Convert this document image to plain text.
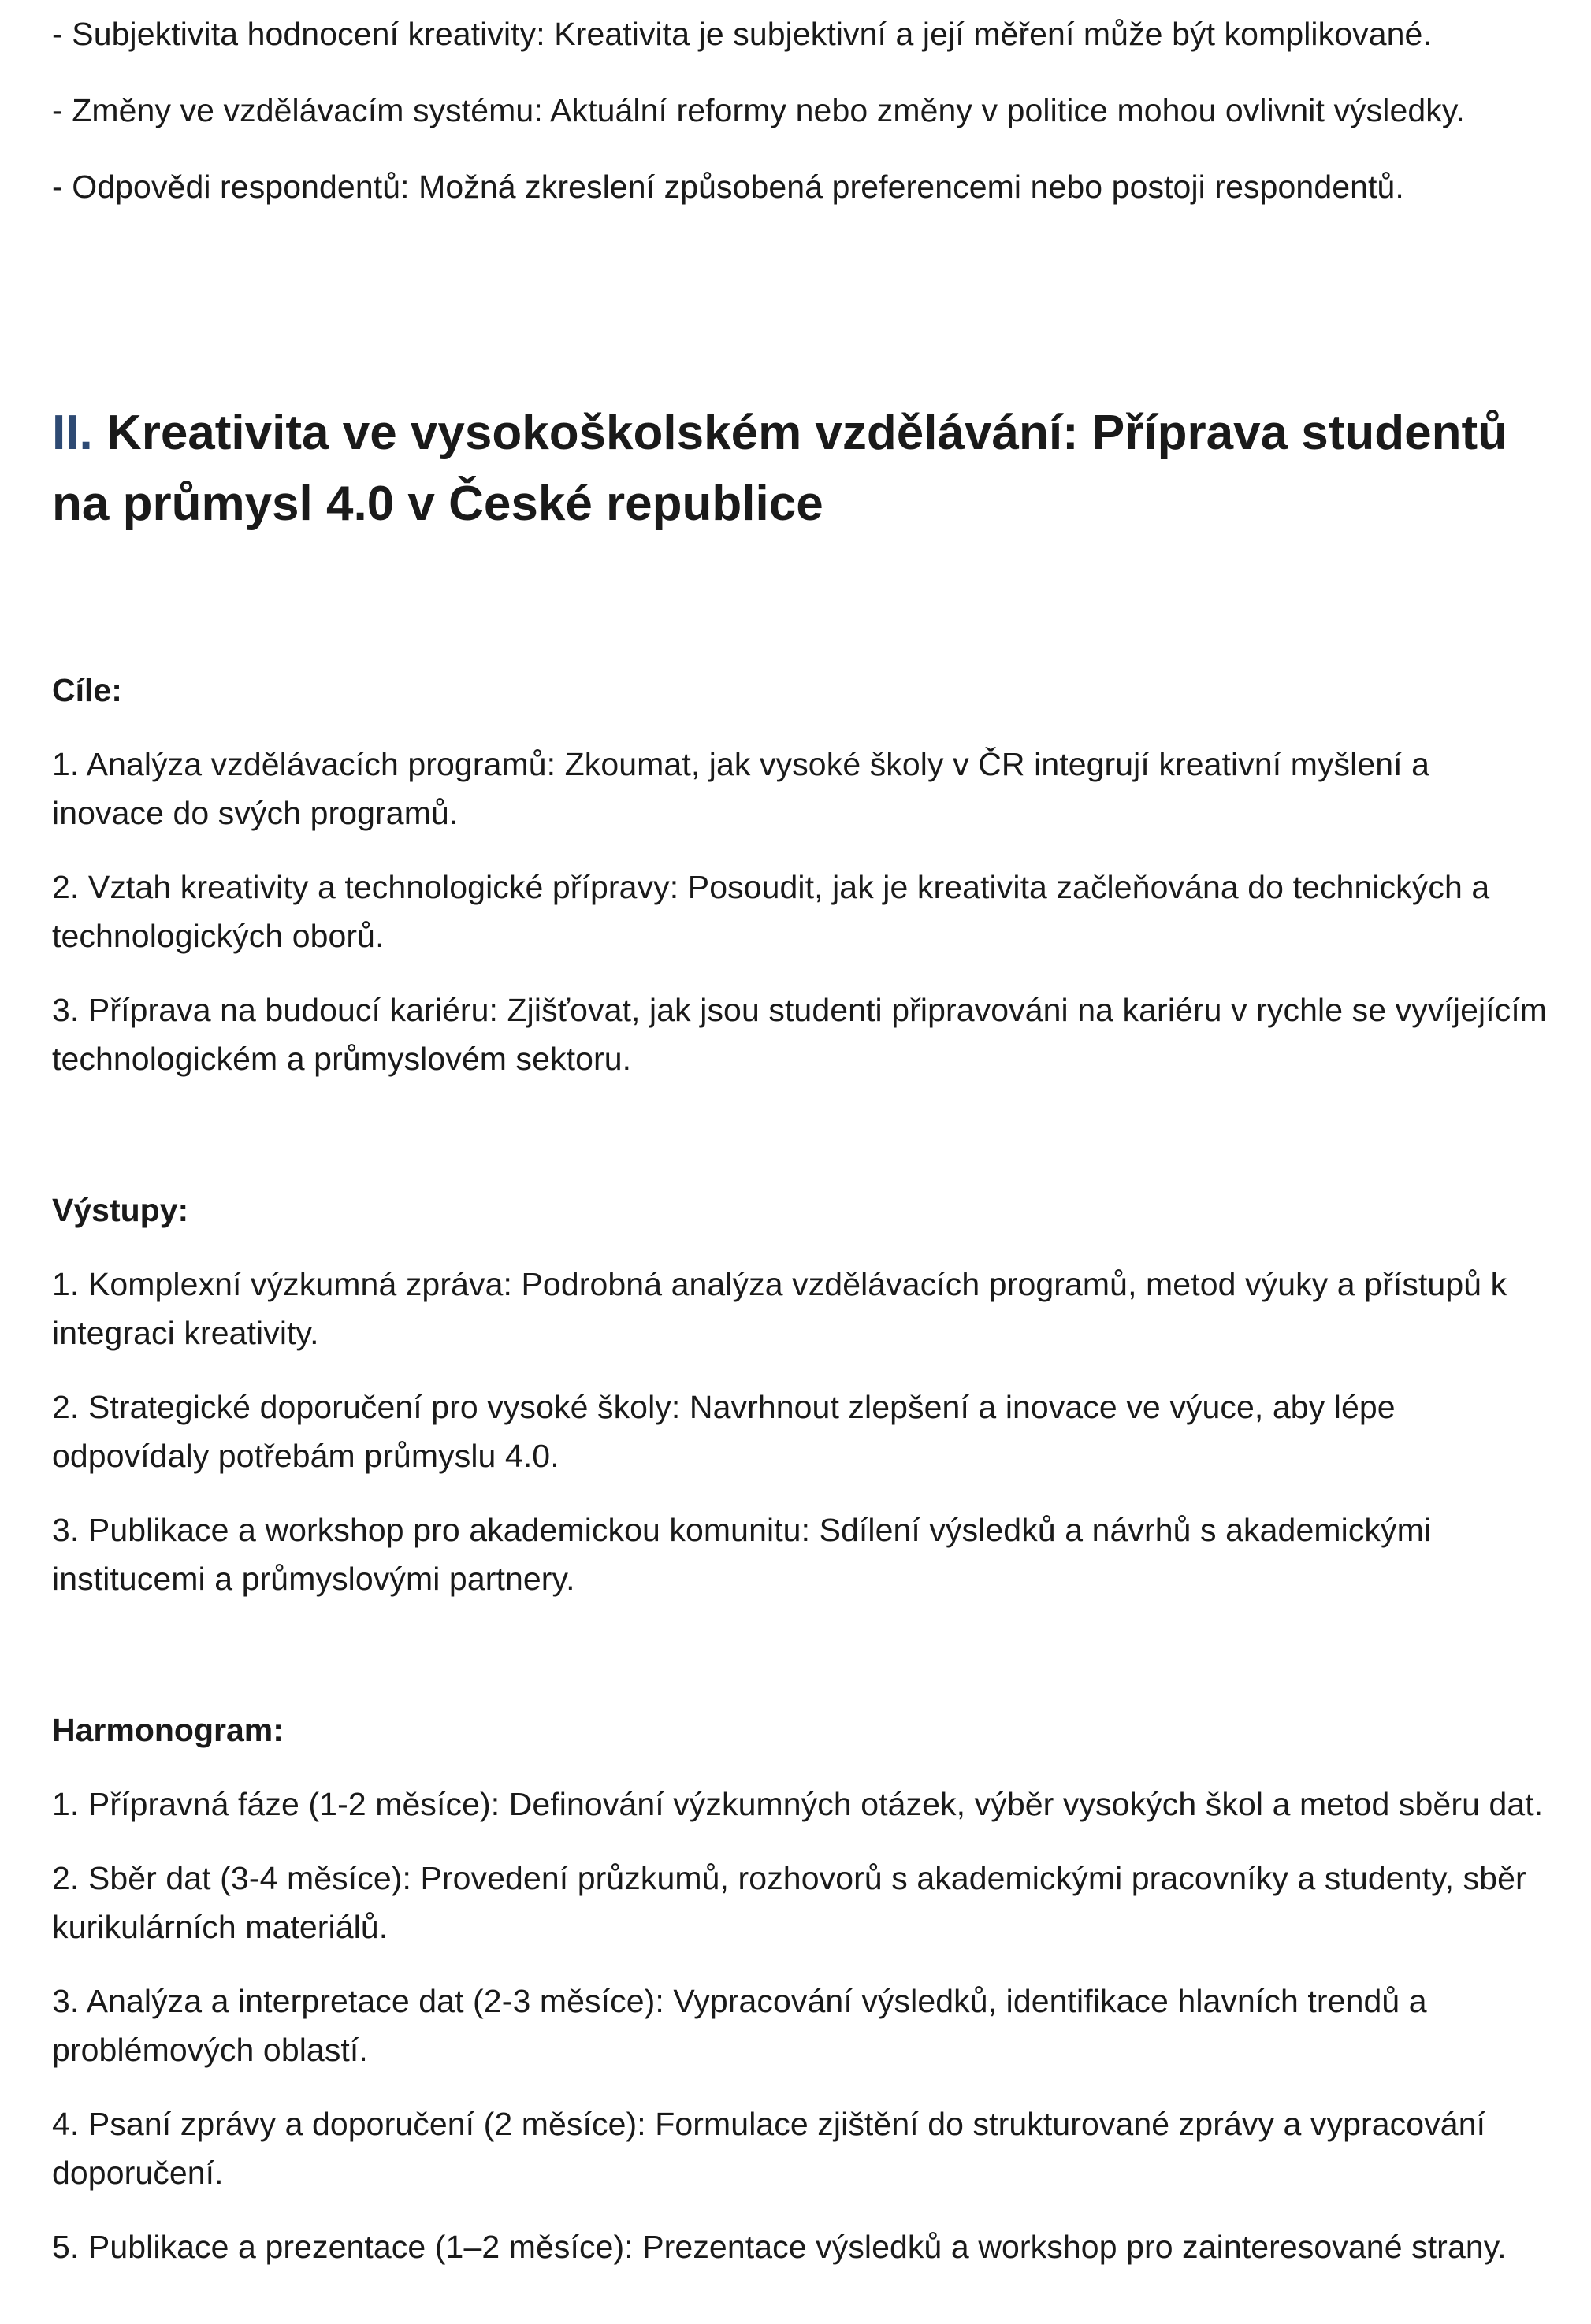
- Subjektivita hodnocení kreativity: Kreativita je subjektivní a její měření může být komplikované.

- Změny ve vzdělávacím systému: Aktuální reformy nebo změny v politice mohou ovlivnit výsledky.

- Odpovědi respondentů: Možná zkreslení způsobená preferencemi nebo postoji respondentů.

II. Kreativita ve vysokoškolském vzdělávání: Příprava studentů na průmysl 4.0 v České republice

Cíle:

1. Analýza vzdělávacích programů: Zkoumat, jak vysoké školy v ČR integrují kreativní myšlení a inovace do svých programů.

2. Vztah kreativity a technologické přípravy: Posoudit, jak je kreativita začleňována do technických a technologických oborů.

3. Příprava na budoucí kariéru: Zjišťovat, jak jsou studenti připravováni na kariéru v rychle se vyvíjejícím technologickém a průmyslovém sektoru.

Výstupy:

1. Komplexní výzkumná zpráva: Podrobná analýza vzdělávacích programů, metod výuky a přístupů k integraci kreativity.

2. Strategické doporučení pro vysoké školy: Navrhnout zlepšení a inovace ve výuce, aby lépe odpovídaly potřebám průmyslu 4.0.

3. Publikace a workshop pro akademickou komunitu: Sdílení výsledků a návrhů s akademickými institucemi a průmyslovými partnery.

Harmonogram:

1. Přípravná fáze (1-2 měsíce): Definování výzkumných otázek, výběr vysokých škol a metod sběru dat.

2. Sběr dat (3-4 měsíce): Provedení průzkumů, rozhovorů s akademickými pracovníky a studenty, sběr kurikulárních materiálů.

3. Analýza a interpretace dat (2-3 měsíce): Vypracování výsledků, identifikace hlavních trendů a problémových oblastí.

4. Psaní zprávy a doporučení (2 měsíce): Formulace zjištění do strukturované zprávy a vypracování doporučení.

5. Publikace a prezentace (1–2 měsíce): Prezentace výsledků a workshop pro zainteresované strany.
